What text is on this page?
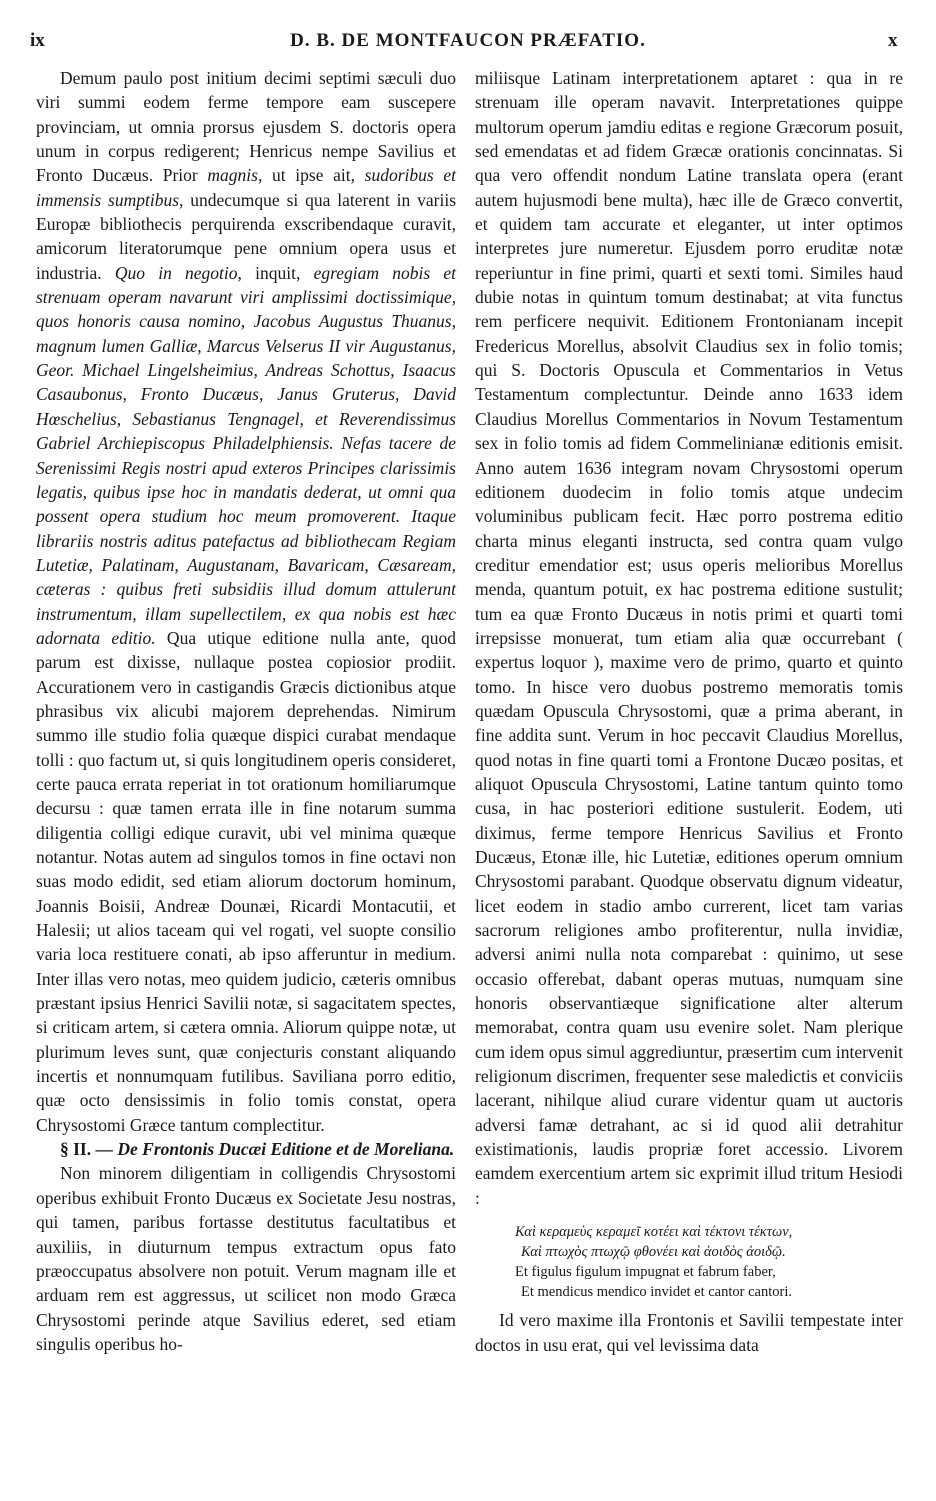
ix	D. B. DE MONTFAUCON PRÆFATIO.	x

Demum paulo post initium decimi septimi sæculi duo viri summi eodem ferme tempore eam suscepere provinciam, ut omnia prorsus ejusdem S. doctoris opera unum in corpus redigerent; Henricus nempe Savilius et Fronto Ducæus. Prior magnis, ut ipse ait, sudoribus et immensis sumptibus, undecumque si qua laterent in variis Europæ bibliothecis perquirenda exscribendaque curavit, amicorum literatorumque pene omnium opera usus et industria. Quo in negotio, inquit, egregiam nobis et strenuam operam navarunt viri amplissimi doctissimique, quos honoris causa nomino, Jacobus Augustus Thuanus, magnum lumen Galliæ, Marcus Velserus II vir Augustanus, Geor. Michael Lingelsheimius, Andreas Schottus, Isaacus Casaubonus, Fronto Ducæus, Janus Gruterus, David Hœschelius, Sebastianus Tengnagel, et Reverendissimus Gabriel Archiepiscopus Philadelphiensis. Nefas tacere de Serenissimi Regis nostri apud exteros Principes clarissimis legatis, quibus ipse hoc in mandatis dederat, ut omni qua possent opera studium hoc meum promoverent. Itaque librariis nostris aditus patefactus ad bibliothecam Regiam Lutetiæ, Palatinam, Augustanam, Bavaricam, Cæsaream, cæteras : quibus freti subsidiis illud domum attulerunt instrumentum, illam supellectilem, ex qua nobis est hæc adornata editio. Qua utique editione nulla ante, quod parum est dixisse, nullaque postea copiosior prodiit. Accurationem vero in castigandis Græcis dictionibus atque phrasibus vix alicubi majorem deprehendas. Nimirum summo ille studio folia quæque dispici curabat mendaque tolli : quo factum ut, si quis longitudinem operis consideret, certe pauca errata reperiat in tot orationum homiliarumque decursu : quæ tamen errata ille in fine notarum summa diligentia colligi edique curavit, ubi vel minima quæque notantur. Notas autem ad singulos tomos in fine octavi non suas modo edidit, sed etiam aliorum doctorum hominum, Joannis Boisii, Andreæ Dounæi, Ricardi Montacutii, et Halesii; ut alios taceam qui vel rogati, vel suopte consilio varia loca restituere conati, ab ipso afferuntur in medium. Inter illas vero notas, meo quidem judicio, cæteris omnibus præstant ipsius Henrici Savilii notæ, si sagacitatem spectes, si criticam artem, si cætera omnia. Aliorum quippe notæ, ut plurimum leves sunt, quæ conjecturis constant aliquando incertis et nonnumquam futilibus. Saviliana porro editio, quæ octo densissimis in folio tomis constat, opera Chrysostomi Græce tantum complectitur.

§ II. — De Frontonis Ducæi Editione et de Moreliana.

Non minorem diligentiam in colligendis Chrysostomi operibus exhibuit Fronto Ducæus ex Societate Jesu nostras, qui tamen, paribus fortasse destitutus facultatibus et auxiliis, in diuturnum tempus extractum opus fato præoccupatus absolvere non potuit. Verum magnam ille et arduam rem est aggressus, ut scilicet non modo Græca Chrysostomi perinde atque Savilius ederet, sed etiam singulis operibus ho-

miliisque Latinam interpretationem aptaret : qua in re strenuam ille operam navavit. Interpretationes quippe multorum operum jamdiu editas e regione Græcorum posuit, sed emendatas et ad fidem Græcæ orationis concinnatas. Si qua vero offendit nondum Latine translata opera (erant autem hujusmodi bene multa), hæc ille de Græco convertit, et quidem tam accurate et eleganter, ut inter optimos interpretes jure numeretur. Ejusdem porro eruditæ notæ reperiuntur in fine primi, quarti et sexti tomi. Similes haud dubie notas in quintum tomum destinabat; at vita functus rem perficere nequivit. Editionem Frontonianam incepit Fredericus Morellus, absolvit Claudius sex in folio tomis; qui S. Doctoris Opuscula et Commentarios in Vetus Testamentum complectuntur. Deinde anno 1633 idem Claudius Morellus Commentarios in Novum Testamentum sex in folio tomis ad fidem Commelinianæ editionis emisit. Anno autem 1636 integram novam Chrysostomi operum editionem duodecim in folio tomis atque undecim voluminibus publicam fecit. Hæc porro postrema editio charta minus eleganti instructa, sed contra quam vulgo creditur emendatior est; usus operis melioribus Morellus menda, quantum potuit, ex hac postrema editione sustulit; tum ea quæ Fronto Ducæus in notis primi et quarti tomi irrepsisse monuerat, tum etiam alia quæ occurrebant ( expertus loquor ), maxime vero de primo, quarto et quinto tomo. In hisce vero duobus postremo memoratis tomis quædam Opuscula Chrysostomi, quæ a prima aberant, in fine addita sunt. Verum in hoc peccavit Claudius Morellus, quod notas in fine quarti tomi a Frontone Ducæo positas, et aliquot Opuscula Chrysostomi, Latine tantum quinto tomo cusa, in hac posteriori editione sustulerit. Eodem, uti diximus, ferme tempore Henricus Savilius et Fronto Ducæus, Etonæ ille, hic Lutetiæ, editiones operum omnium Chrysostomi parabant. Quodque observatu dignum videatur, licet eodem in stadio ambo currerent, licet tam varias sacrorum religiones ambo profiterentur, nulla invidiæ, adversi animi nulla nota comparebat : quinimo, ut sese occasio offerebat, dabant operas mutuas, numquam sine honoris observantiæque significatione alter alterum memorabat, contra quam usu evenire solet. Nam plerique cum idem opus simul aggrediuntur, præsertim cum intervenit religionum discrimen, frequenter sese maledictis et conviciis lacerant, nihilque aliud curare videntur quam ut auctoris adversi famæ detrahant, ac si id quod alii detrahitur existimationis, laudis propriæ foret accessio. Livorem eamdem exercentium artem sic exprimit illud tritum Hesiodi :

Καὶ κεραμεὺς κεραμεῖ κοτέει καὶ τέκτονι τέκτων,
Καὶ πτωχὸς πτωχῷ φθονέει καὶ ἀοιδὸς ἀοιδῷ.
Et figulus figulum impugnat et fabrum faber,
Et mendicus mendico invidet et cantor cantori.

Id vero maxime illa Frontonis et Savilii tempestate inter doctos in usu erat, qui vel levissima data
